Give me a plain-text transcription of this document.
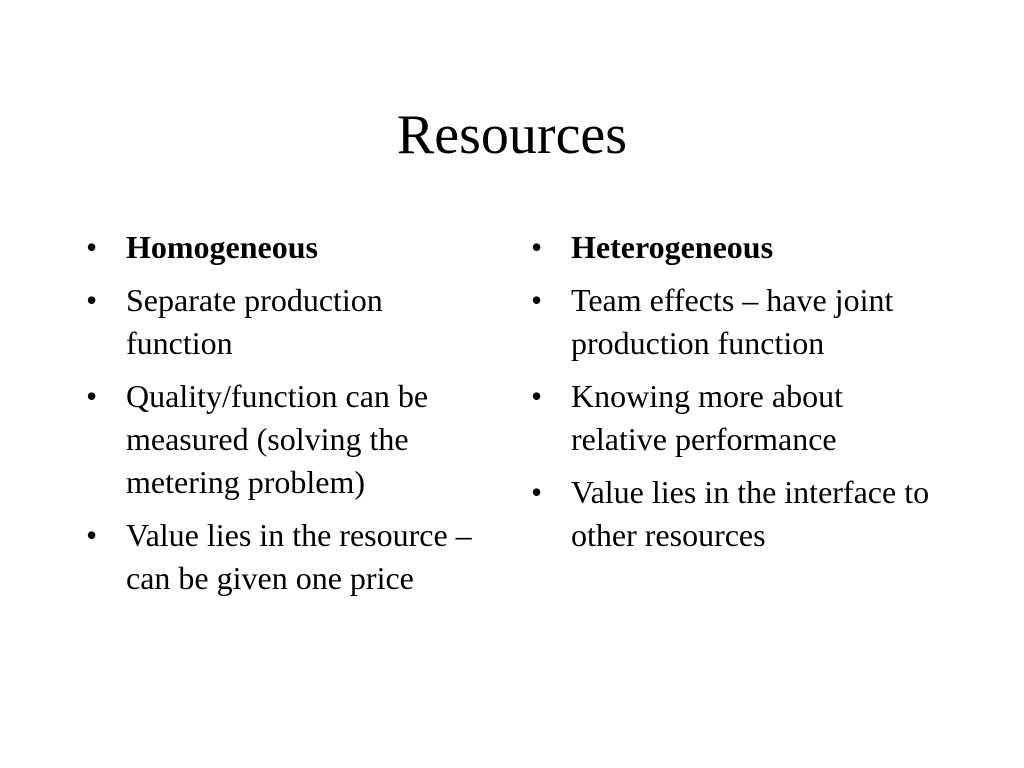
Resources
• Homogeneous
• Separate production function
• Quality/function can be measured (solving the metering problem)
• Value lies in the resource – can be given one price
• Heterogeneous
• Team effects – have joint production function
• Knowing more about relative performance
• Value lies in the interface to other resources
